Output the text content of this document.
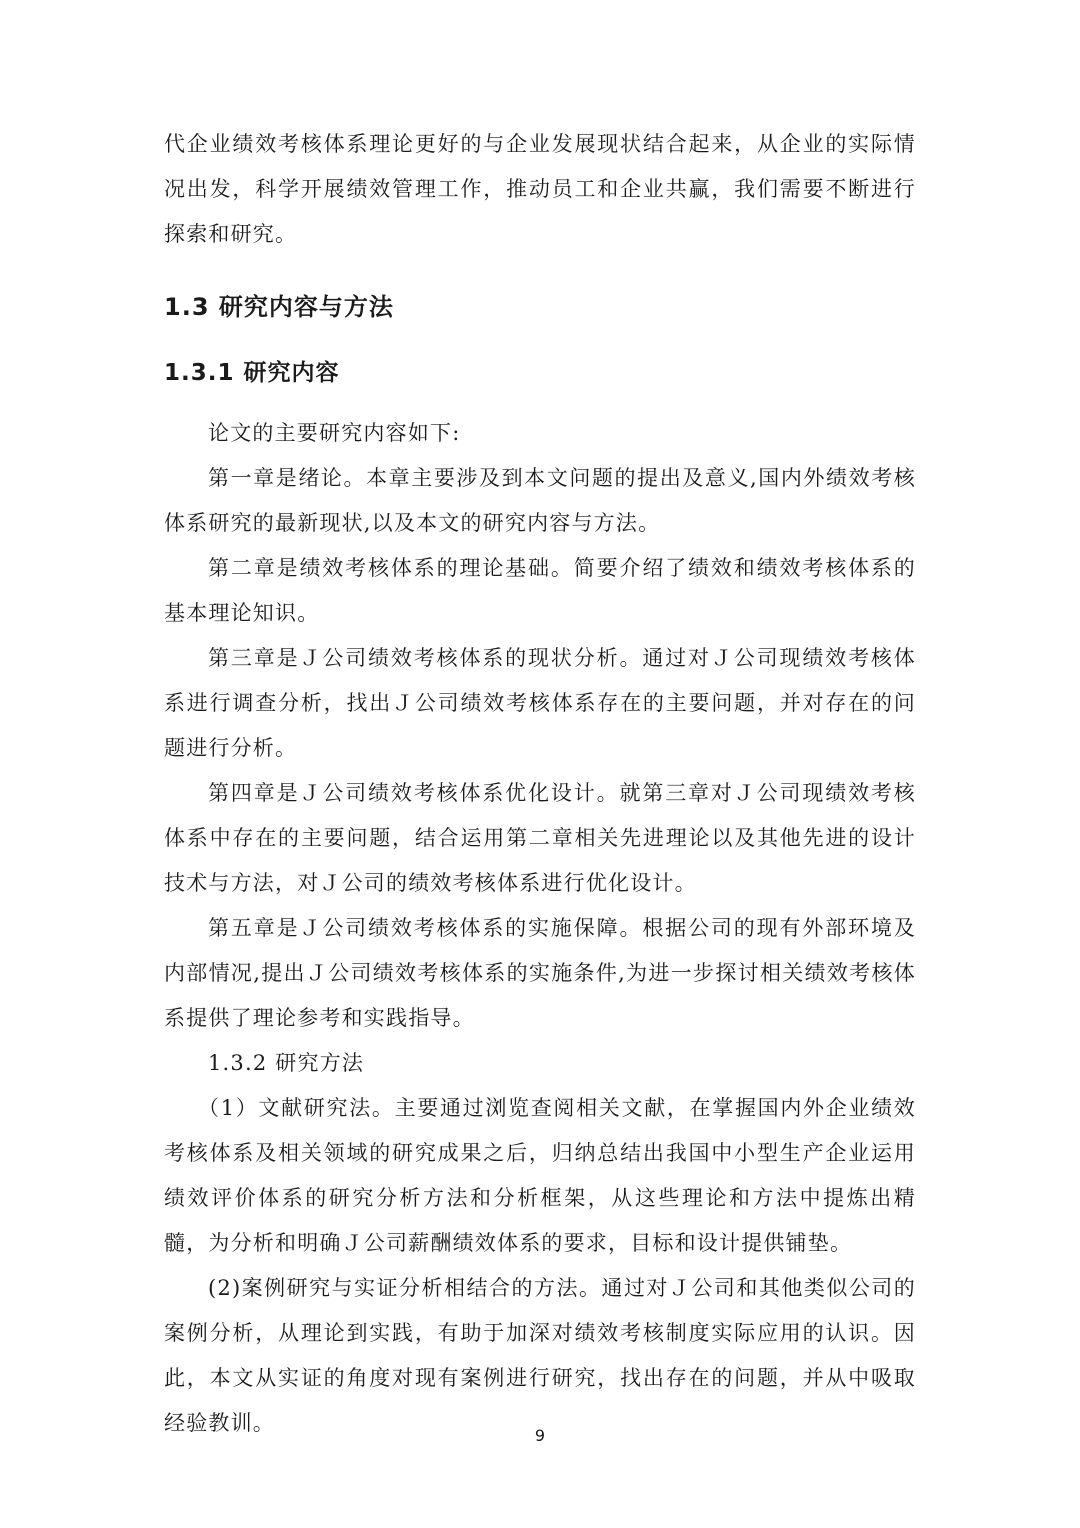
代企业绩效考核体系理论更好的与企业发展现状结合起来，从企业的实际情况出发，科学开展绩效管理工作，推动员工和企业共赢，我们需要不断进行探索和研究。

1.3 研究内容与方法
1.3.1 研究内容

论文的主要研究内容如下:

第一章是绪论。本章主要涉及到本文问题的提出及意义,国内外绩效考核体系研究的最新现状,以及本文的研究内容与方法。

第二章是绩效考核体系的理论基础。简要介绍了绩效和绩效考核体系的基本理论知识。

第三章是Ｊ公司绩效考核体系的现状分析。通过对Ｊ公司现绩效考核体系进行调查分析，找出Ｊ公司绩效考核体系存在的主要问题，并对存在的问题进行分析。

第四章是Ｊ公司绩效考核体系优化设计。就第三章对Ｊ公司现绩效考核体系中存在的主要问题，结合运用第二章相关先进理论以及其他先进的设计技术与方法，对Ｊ公司的绩效考核体系进行优化设计。

第五章是Ｊ公司绩效考核体系的实施保障。根据公司的现有外部环境及内部情况,提出Ｊ公司绩效考核体系的实施条件,为进一步探讨相关绩效考核体系提供了理论参考和实践指导。

1.3.2 研究方法

（1）文献研究法。主要通过浏览查阅相关文献，在掌握国内外企业绩效考核体系及相关领域的研究成果之后，归纳总结出我国中小型生产企业运用绩效评价体系的研究分析方法和分析框架，从这些理论和方法中提炼出精髓，为分析和明确Ｊ公司薪酬绩效体系的要求，目标和设计提供铺垫。

(2)案例研究与实证分析相结合的方法。通过对Ｊ公司和其他类似公司的案例分析，从理论到实践，有助于加深对绩效考核制度实际应用的认识。因此，本文从实证的角度对现有案例进行研究，找出存在的问题，并从中吸取经验教训。

9
